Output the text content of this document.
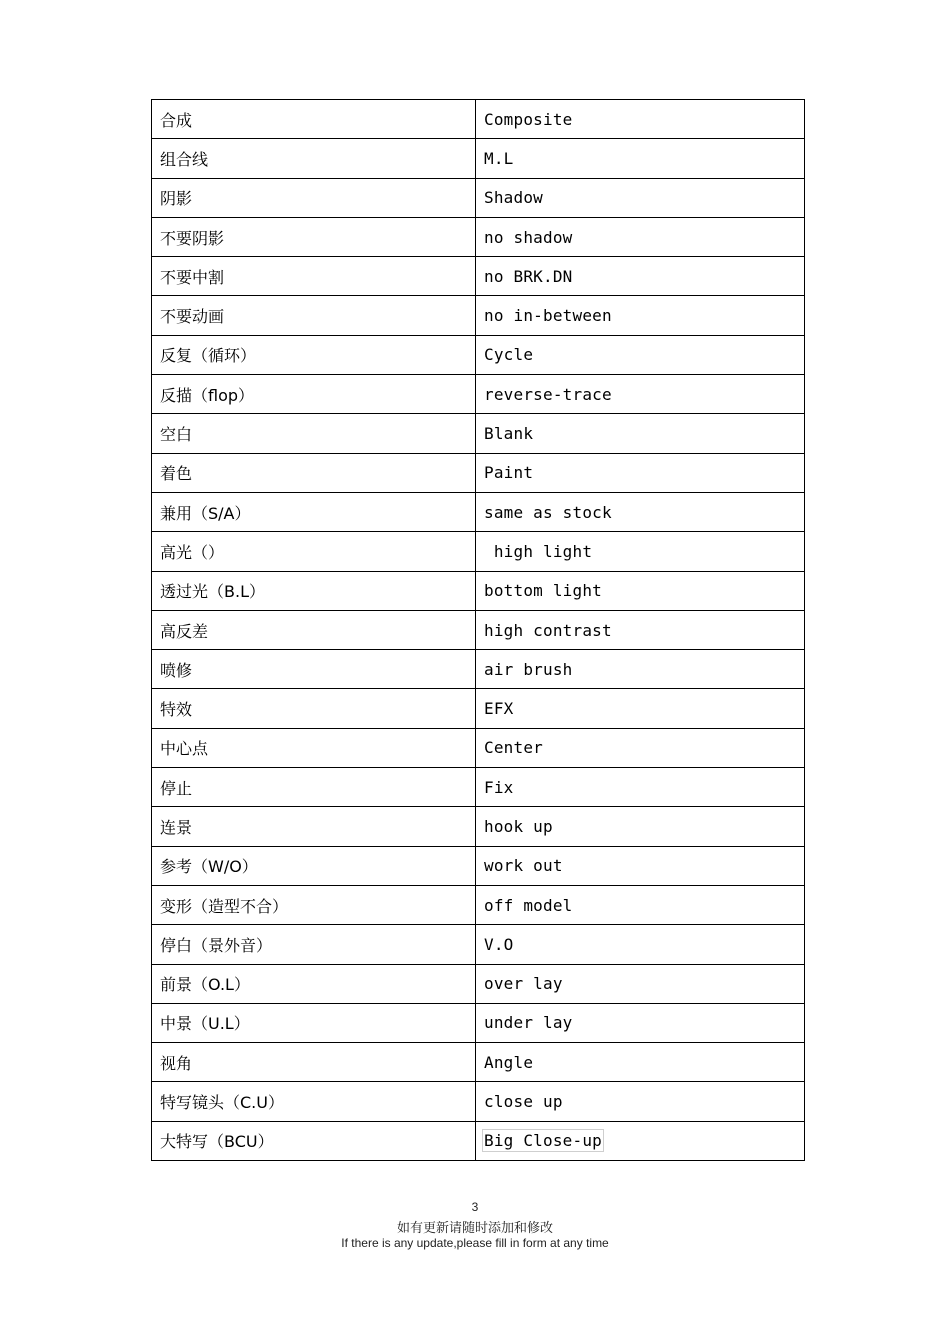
合成	Composite
组合线	M.L
阴影	Shadow
不要阴影	no shadow
不要中割	no BRK.DN
不要动画	no in-between
反复（循环）	Cycle
反描（flop）	reverse-trace
空白	Blank
着色	Paint
兼用（S/A）	same as stock
高光（）	high light
透过光（B.L）	bottom light
高反差	high contrast
喷修	air brush
特效	EFX
中心点	Center
停止	Fix
连景	hook up
参考（W/O）	work out
变形（造型不合）	off model
停白（景外音）	V.O
前景（O.L）	over lay
中景（U.L）	under lay
视角	Angle
特写镜头（C.U）	close up
大特写（BCU）	Big Close-up
3
如有更新请随时添加和修改
If there is any update,please fill in form at any time
